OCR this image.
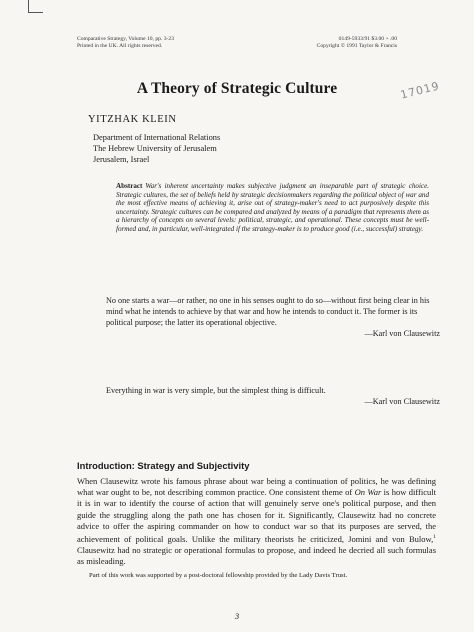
Comparative Strategy, Volume 10, pp. 3-23
Printed in the UK. All rights reserved.
0149-5933/91 $3.00 + .00
Copyright © 1991 Taylor & Francis
A Theory of Strategic Culture	17019
YITZHAK KLEIN
Department of International Relations
The Hebrew University of Jerusalem
Jerusalem, Israel
Abstract War's inherent uncertainty makes subjective judgment an inseparable part of strategic choice. Strategic cultures, the set of beliefs held by strategic decisionmakers regarding the political object of war and the most effective means of achieving it, arise out of strategy-maker's need to act purposively despite this uncertainty. Strategic cultures can be compared and analyzed by means of a paradigm that represents them as a hierarchy of concepts on several levels: political, strategic, and operational. These concepts must be well-formed and, in particular, well-integrated if the strategy-maker is to produce good (i.e., successful) strategy.
No one starts a war—or rather, no one in his senses ought to do so—without first being clear in his mind what he intends to achieve by that war and how he intends to conduct it. The former is its political purpose; the latter its operational objective.
—Karl von Clausewitz
Everything in war is very simple, but the simplest thing is difficult.
—Karl von Clausewitz
Introduction: Strategy and Subjectivity
When Clausewitz wrote his famous phrase about war being a continuation of politics, he was defining what war ought to be, not describing common practice. One consistent theme of On War is how difficult it is in war to identify the course of action that will genuinely serve one's political purpose, and then guide the struggling along the path one has chosen for it. Significantly, Clausewitz had no concrete advice to offer the aspiring commander on how to conduct war so that its purposes are served, the achievement of political goals. Unlike the military theorists he criticized, Jomini and von Bulow,$^1$ Clausewitz had no strategic or operational formulas to propose, and indeed he decried all such formulas as misleading.
Part of this work was supported by a post-doctoral fellowship provided by the Lady Davis Trust.
3
